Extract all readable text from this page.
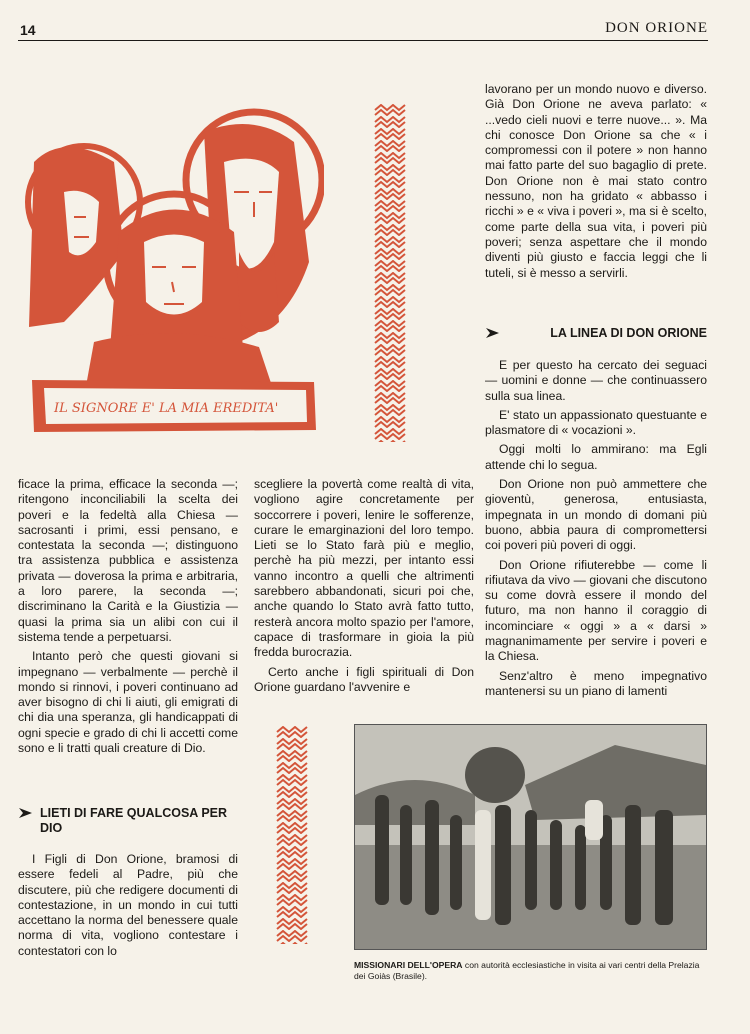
14	DON ORIONE
IL SIGNORE E' LA MIA EREDITA'

lavorano per un mondo nuovo e diverso. Già Don Orione ne aveva parlato: « ...vedo cieli nuovi e terre nuove... ». Ma chi conosce Don Orione sa che « i compromessi con il potere » non hanno mai fatto parte del suo bagaglio di prete. Don Orione non è mai stato contro nessuno, non ha gridato « abbasso i ricchi » e « viva i poveri », ma si è scelto, come parte della sua vita, i poveri più poveri; senza aspettare che il mondo diventi più giusto e faccia leggi che li tuteli, si è messo a servirli.

LA LINEA DI DON ORIONE

E per questo ha cercato dei seguaci — uomini e donne — che continuassero sulla sua linea.

E' stato un appassionato questuante e plasmatore di « vocazioni ».

Oggi molti lo ammirano: ma Egli attende chi lo segua.

Don Orione non può ammettere che gioventù, generosa, entusiasta, impegnata in un mondo di domani più buono, abbia paura di compromettersi coi poveri più poveri di oggi.

Don Orione rifiuterebbe — come li rifiutava da vivo — giovani che discutono su come dovrà essere il mondo del futuro, ma non hanno il coraggio di incominciare « oggi » a « darsi » magnanimamente per servire i poveri e la Chiesa.

Senz'altro è meno impegnativo mantenersi su un piano di lamenti

ficace la prima, efficace la seconda —; ritengono inconciliabili la scelta dei poveri e la fedeltà alla Chiesa — sacrosanti i primi, essi pensano, e contestata la seconda —; distinguono tra assistenza pubblica e assistenza privata — doverosa la prima e arbitraria, a loro parere, la seconda —; discriminano la Carità e la Giustizia — quasi la prima sia un alibi con cui il sistema tende a perpetuarsi.

Intanto però che questi giovani si impegnano — verbalmente — perchè il mondo si rinnovi, i poveri continuano ad aver bisogno di chi li aiuti, gli emigrati di chi dia una speranza, gli handicappati di ogni specie e grado di chi li accetti come sono e li tratti quali creature di Dio.

LIETI DI FARE QUALCOSA PER DIO

I Figli di Don Orione, bramosi di essere fedeli al Padre, più che discutere, più che redigere documenti di contestazione, in un mondo in cui tutti accettano la norma del benessere quale norma di vita, vogliono contestare i contestatori con lo

scegliere la povertà come realtà di vita, vogliono agire concretamente per soccorrere i poveri, lenire le sofferenze, curare le emarginazioni del loro tempo. Lieti se lo Stato farà più e meglio, perchè ha più mezzi, per intanto essi vanno incontro a quelli che altrimenti sarebbero abbandonati, sicuri poi che, anche quando lo Stato avrà fatto tutto, resterà ancora molto spazio per l'amore, capace di trasformare in gioia la più fredda burocrazia.

Certo anche i figli spirituali di Don Orione guardano l'avvenire e

MISSIONARI DELL'OPERA con autorità ecclesiastiche in visita ai vari centri della Prelazia dei Goiàs (Brasile).
